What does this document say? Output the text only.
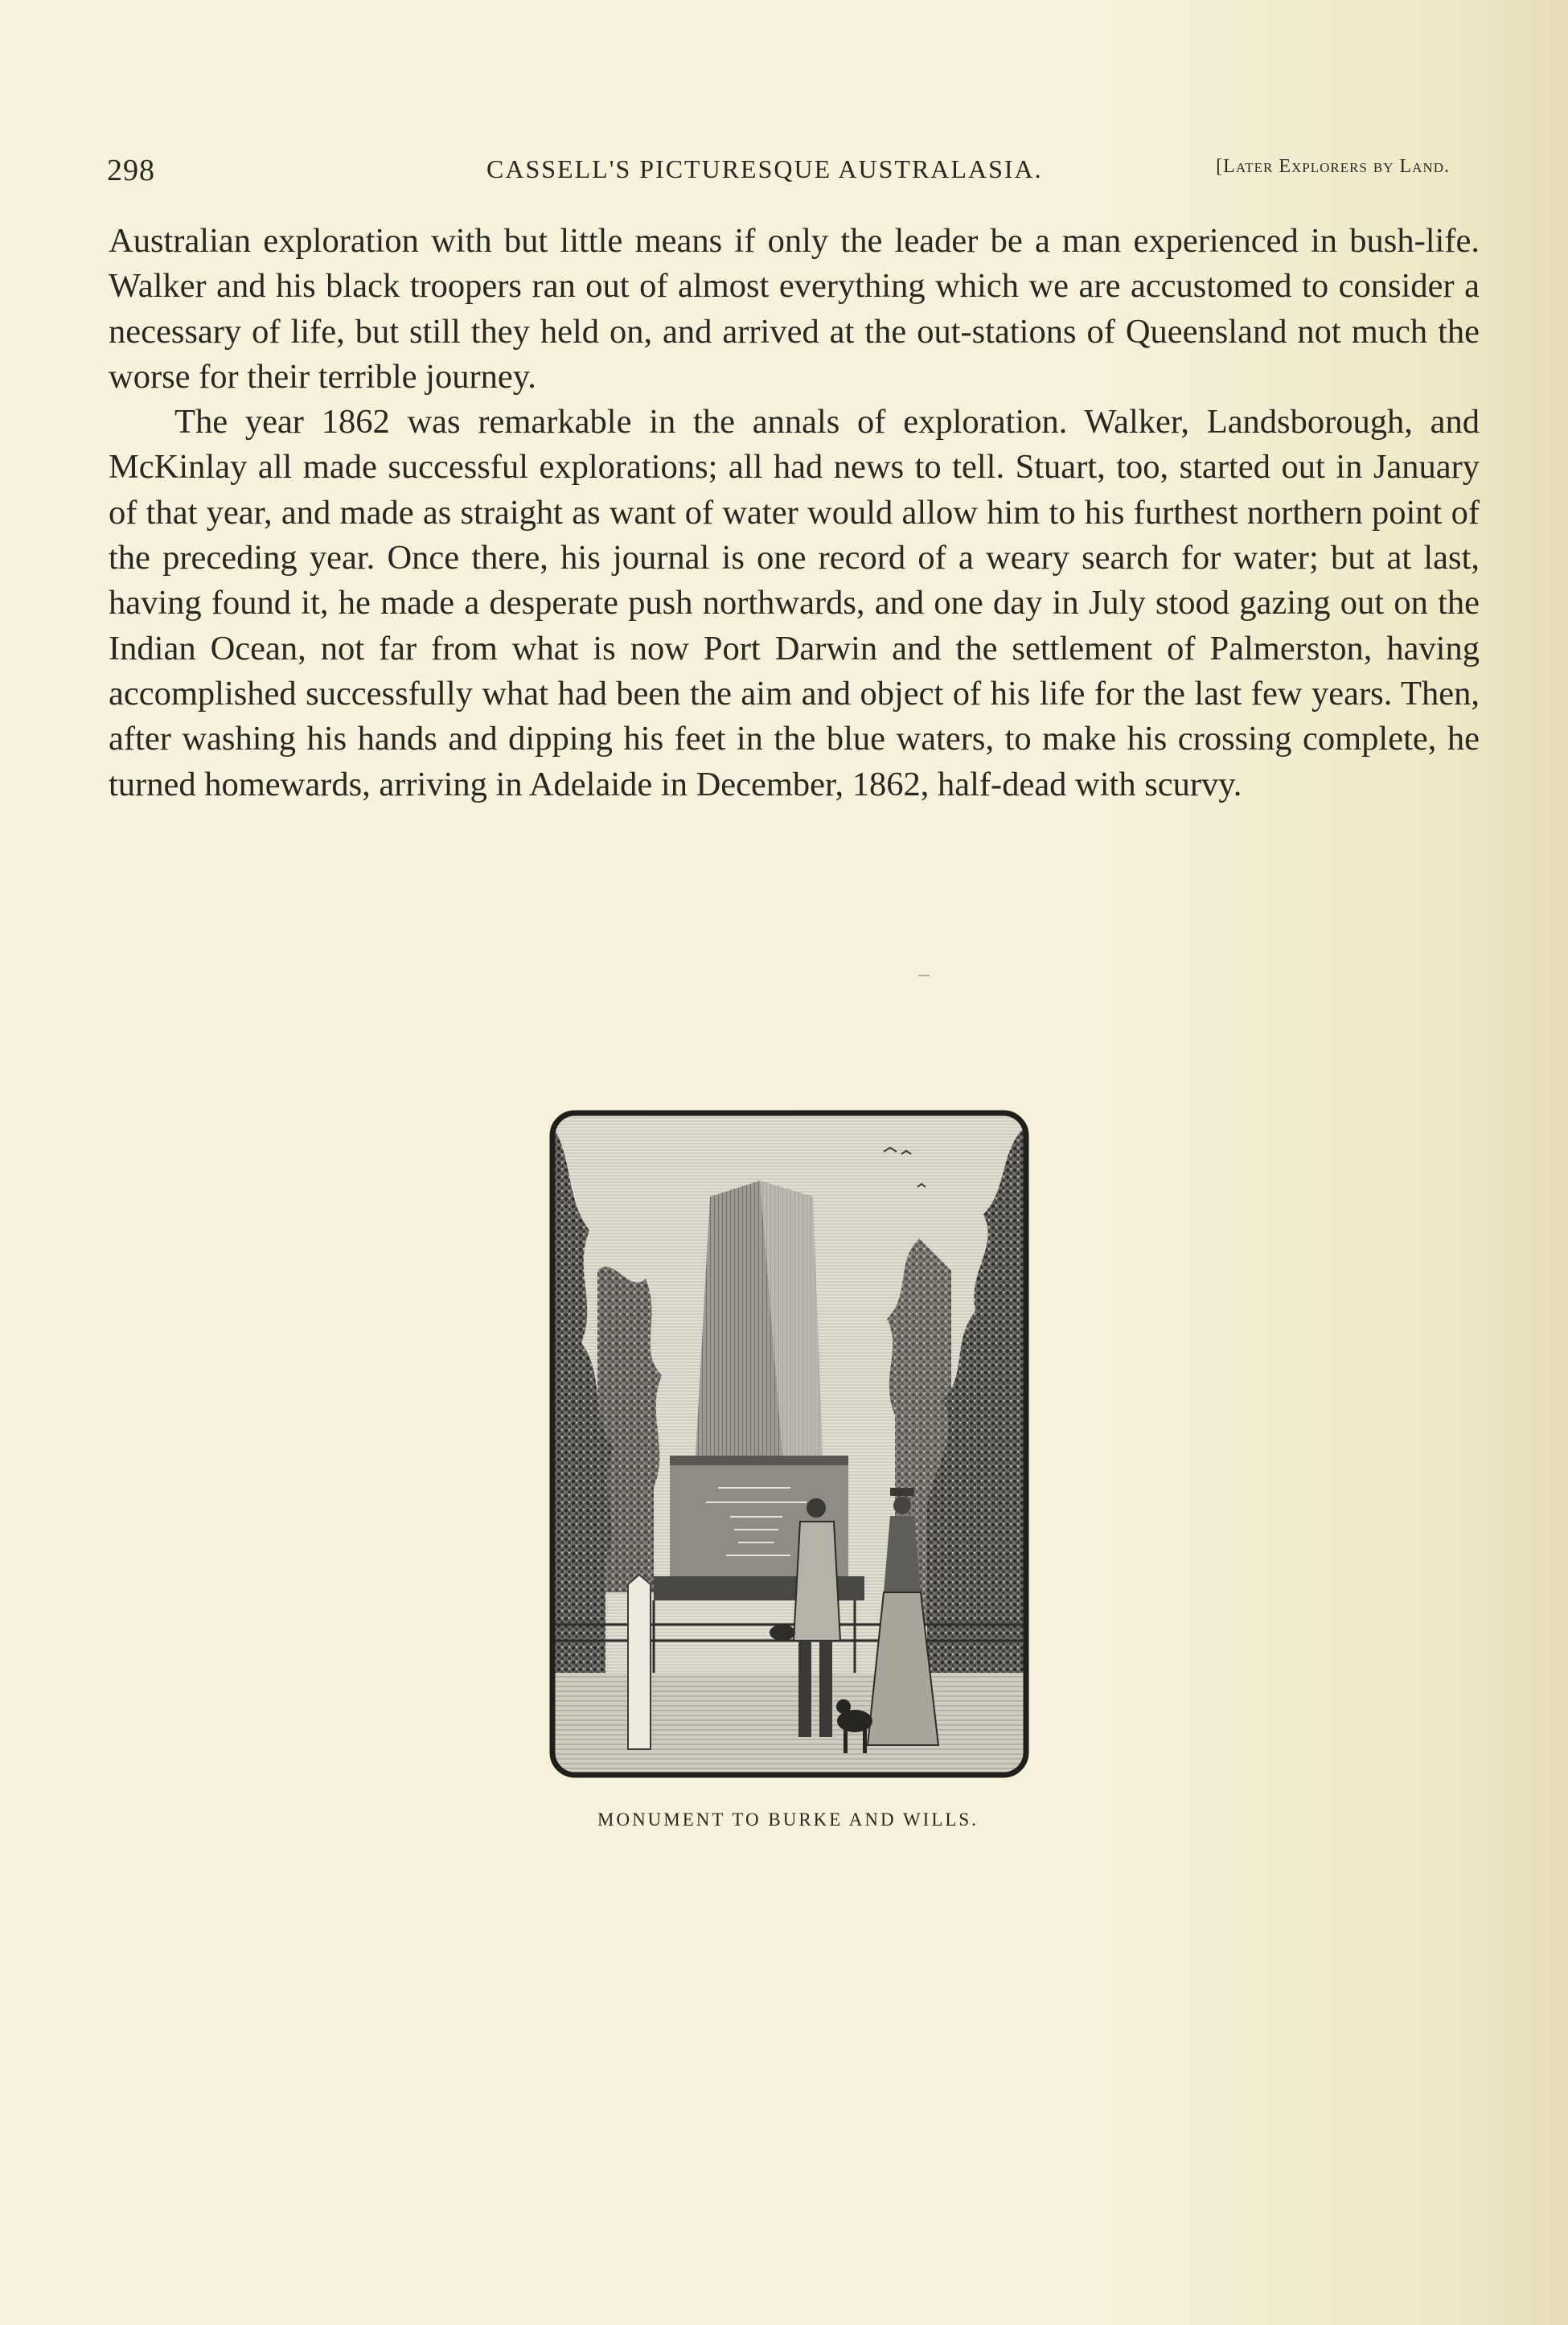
298	CASSELL'S PICTURESQUE AUSTRALASIA.	[Later Explorers by Land.

Australian exploration with but little means if only the leader be a man experienced in bush-life. Walker and his black troopers ran out of almost everything which we are accustomed to consider a necessary of life, but still they held on, and arrived at the out-stations of Queensland not much the worse for their terrible journey.

The year 1862 was remarkable in the annals of exploration. Walker, Landsborough, and McKinlay all made successful explorations; all had news to tell. Stuart, too, started out in January of that year, and made as straight as want of water would allow him to his furthest northern point of the preceding year. Once there, his journal is one record of a weary search for water; but at last, having found it, he made a desperate push northwards, and one day in July stood gazing out on the Indian Ocean, not far from what is now Port Darwin and the settlement of Palmerston, having accomplished successfully what had been the aim and object of his life for the last few years. Then, after washing his hands and dipping his feet in the blue waters, to make his crossing complete, he turned homewards, arriving in Adelaide in December, 1862, half-dead with scurvy.

MONUMENT TO BURKE AND WILLS.
